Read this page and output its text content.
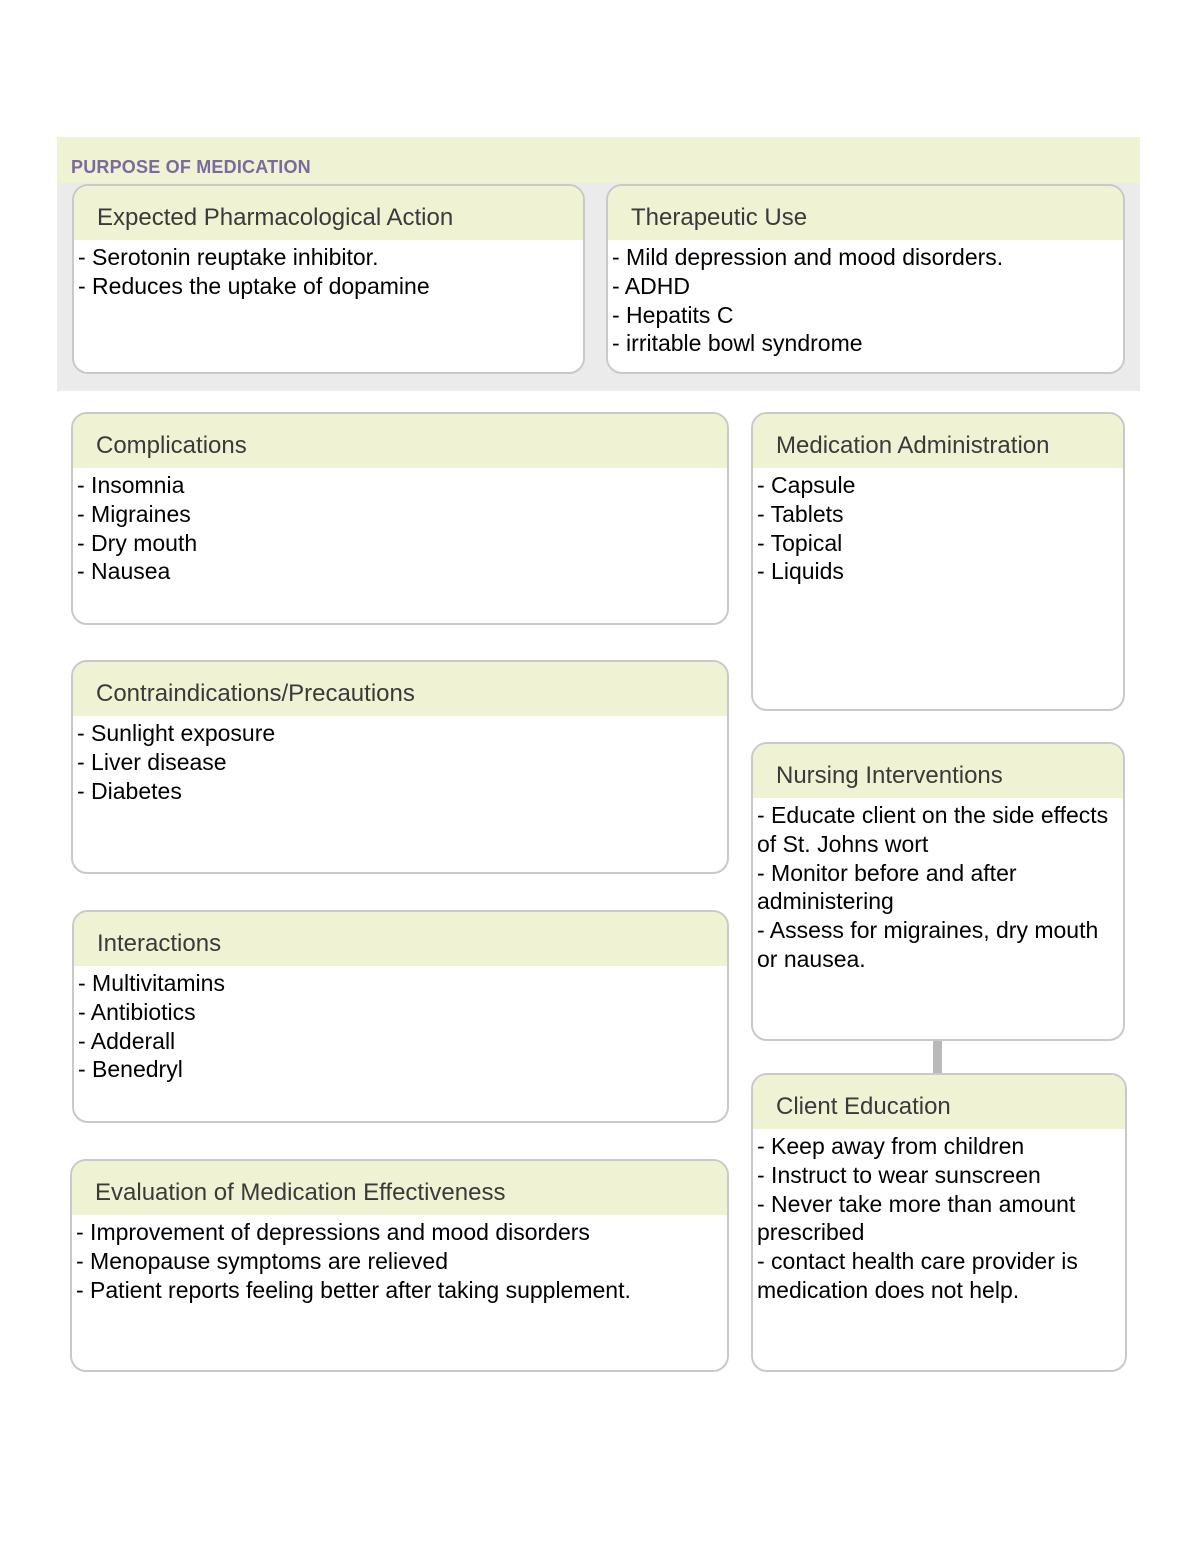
PURPOSE OF MEDICATION
Expected Pharmacological Action
- Serotonin reuptake inhibitor.
- Reduces the uptake of dopamine
Therapeutic Use
- Mild depression and mood disorders.
- ADHD
- Hepatits C
- irritable bowl syndrome
Complications
- Insomnia
- Migraines
- Dry mouth
- Nausea
Contraindications/Precautions
- Sunlight exposure
- Liver disease
- Diabetes
Interactions
- Multivitamins
- Antibiotics
- Adderall
- Benedryl
Evaluation of Medication Effectiveness
- Improvement of depressions and mood disorders
- Menopause symptoms are relieved
- Patient reports feeling better after taking supplement.
Medication Administration
- Capsule
- Tablets
- Topical
- Liquids
Nursing Interventions
- Educate client on the side effects of St. Johns wort
- Monitor before and after administering
- Assess for migraines, dry mouth or nausea.
Client Education
- Keep away from children
- Instruct to wear sunscreen
- Never take more than amount prescribed
- contact health care provider is medication does not help.
